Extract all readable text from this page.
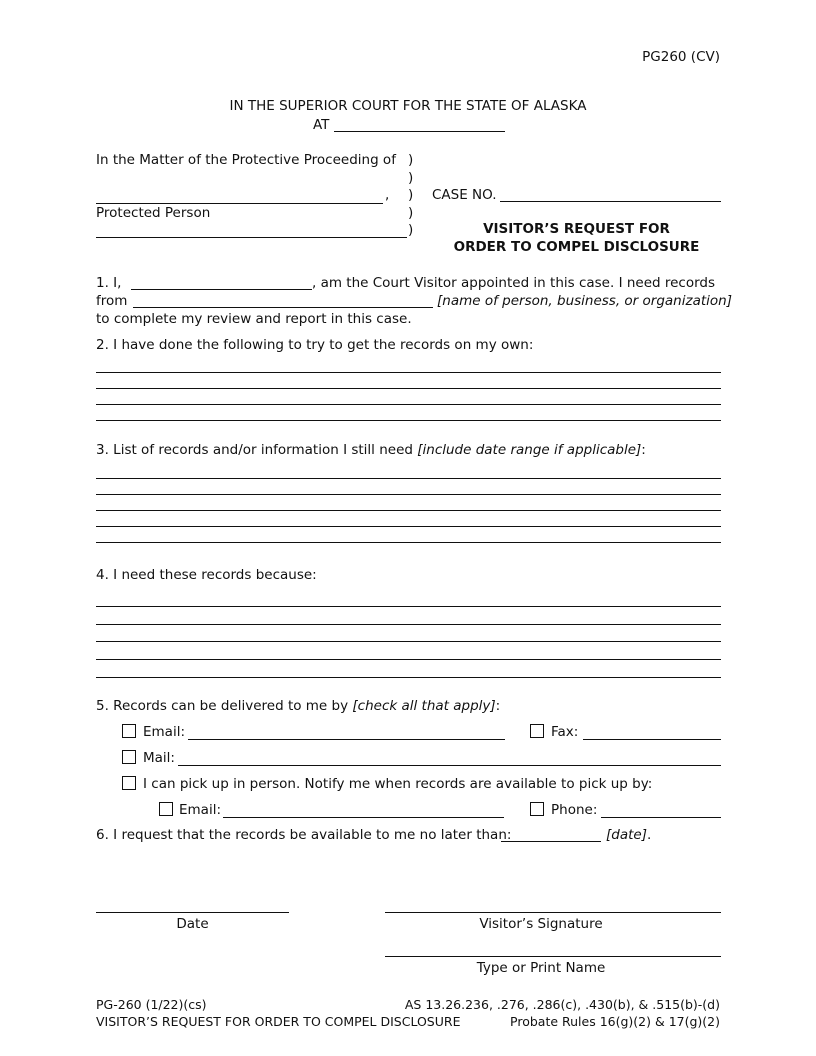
PG260 (CV)
IN THE SUPERIOR COURT FOR THE STATE OF ALASKA
AT
In the Matter of the Protective Proceeding of
,
Protected Person
)
)
)
)
)
CASE NO.
VISITOR’S REQUEST FOR
ORDER TO COMPEL DISCLOSURE
1. I,	, am the Court Visitor appointed in this case. I need records
from	[name of person, business, or organization]
to complete my review and report in this case.
2. I have done the following to try to get the records on my own:
3. List of records and/or information I still need [include date range if applicable]:
4. I need these records because:
5. Records can be delivered to me by [check all that apply]:
Email:	Fax:
Mail:
I can pick up in person. Notify me when records are available to pick up by:
Email:	Phone:
6. I request that the records be available to me no later than:	[date].
Date	Visitor’s Signature
Type or Print Name
PG-260 (1/22)(cs)
VISITOR’S REQUEST FOR ORDER TO COMPEL DISCLOSURE
AS 13.26.236, .276, .286(c), .430(b), & .515(b)-(d)
Probate Rules 16(g)(2) & 17(g)(2)
